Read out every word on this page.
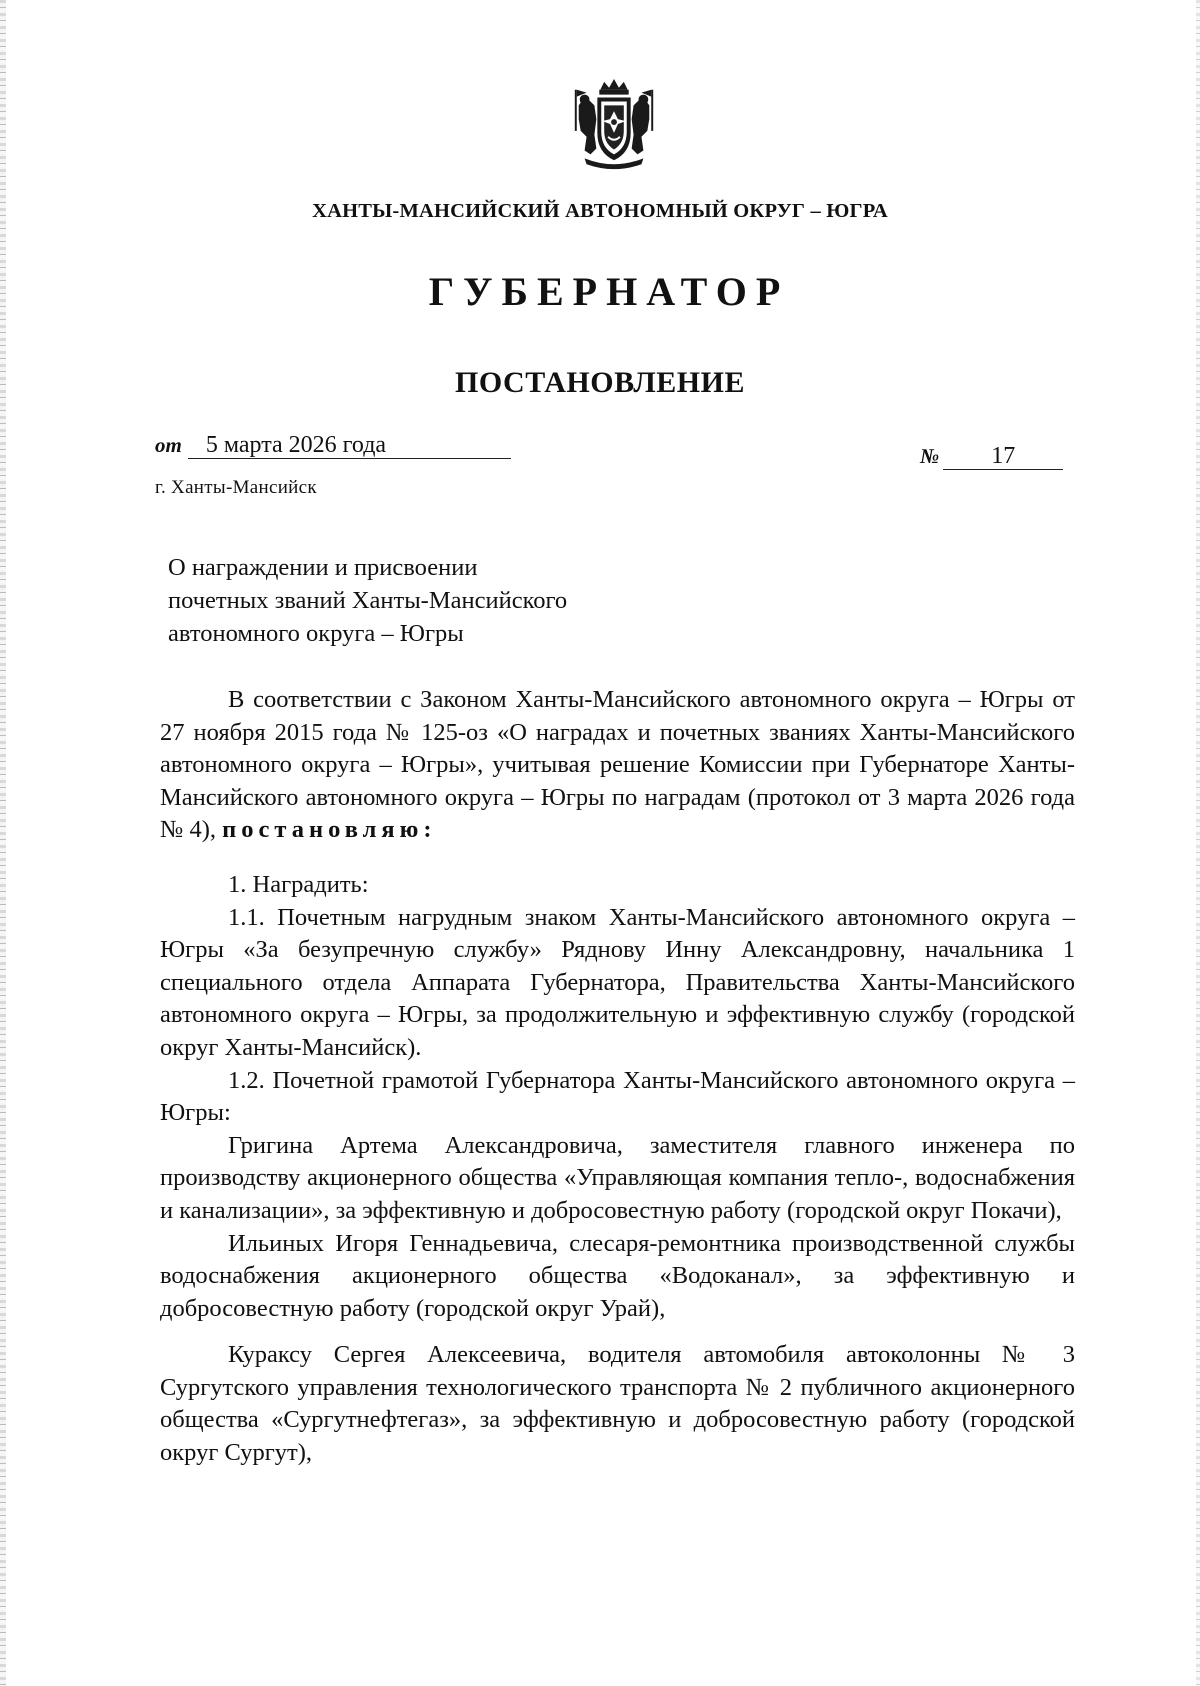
ХАНТЫ-МАНСИЙСКИЙ АВТОНОМНЫЙ ОКРУГ – ЮГРА
ГУБЕРНАТОР
ПОСТАНОВЛЕНИЕ
от 5 марта 2026 года	№ 17
г. Ханты-Мансийск
О награждении и присвоении
почетных званий Ханты-Мансийского
автономного округа – Югры

В соответствии с Законом Ханты-Мансийского автономного округа – Югры от 27 ноября 2015 года № 125-оз «О наградах и почетных званиях Ханты-Мансийского автономного округа – Югры», учитывая решение Комиссии при Губернаторе Ханты-Мансийского автономного округа – Югры по наградам (протокол от 3 марта 2026 года № 4), постановляю:

1. Наградить:

1.1. Почетным нагрудным знаком Ханты-Мансийского автономного округа – Югры «За безупречную службу» Ряднову Инну Александровну, начальника 1 специального отдела Аппарата Губернатора, Правительства Ханты-Мансийского автономного округа – Югры, за продолжительную и эффективную службу (городской округ Ханты-Мансийск).

1.2. Почетной грамотой Губернатора Ханты-Мансийского автономного округа – Югры:

Григина Артема Александровича, заместителя главного инженера по производству акционерного общества «Управляющая компания тепло-, водоснабжения и канализации», за эффективную и добросовестную работу (городской округ Покачи),

Ильиных Игоря Геннадьевича, слесаря-ремонтника производственной службы водоснабжения акционерного общества «Водоканал», за эффективную и добросовестную работу (городской округ Урай),

Кураксу Сергея Алексеевича, водителя автомобиля автоколонны № 3 Сургутского управления технологического транспорта № 2 публичного акционерного общества «Сургутнефтегаз», за эффективную и добросовестную работу (городской округ Сургут),
